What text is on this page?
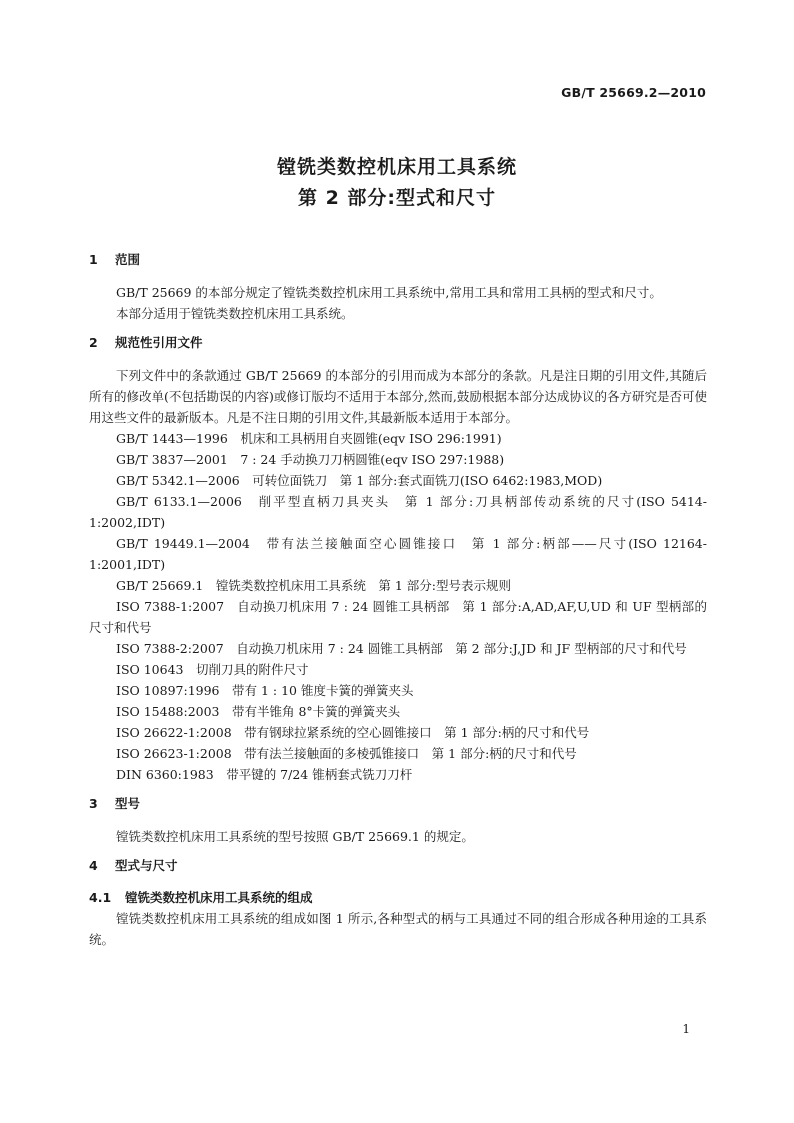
GB/T 25669.2—2010
镗铣类数控机床用工具系统
第 2 部分:型式和尺寸
1 范围
GB/T 25669 的本部分规定了镗铣类数控机床用工具系统中,常用工具和常用工具柄的型式和尺寸。
本部分适用于镗铣类数控机床用工具系统。
2 规范性引用文件
下列文件中的条款通过 GB/T 25669 的本部分的引用而成为本部分的条款。凡是注日期的引用文件,其随后所有的修改单(不包括勘误的内容)或修订版均不适用于本部分,然而,鼓励根据本部分达成协议的各方研究是否可使用这些文件的最新版本。凡是不注日期的引用文件,其最新版本适用于本部分。
GB/T 1443—1996　机床和工具柄用自夹圆锥(eqv ISO 296:1991)
GB/T 3837—2001　7 : 24 手动换刀刀柄圆锥(eqv ISO 297:1988)
GB/T 5342.1—2006　可转位面铣刀　第 1 部分:套式面铣刀(ISO 6462:1983,MOD)
GB/T 6133.1—2006　削平型直柄刀具夹头　第 1 部分:刀具柄部传动系统的尺寸(ISO 5414-1:2002,IDT)
GB/T 19449.1—2004　带有法兰接触面空心圆锥接口　第 1 部分:柄部——尺寸(ISO 12164-1:2001,IDT)
GB/T 25669.1　镗铣类数控机床用工具系统　第 1 部分:型号表示规则
ISO 7388-1:2007　自动换刀机床用 7 : 24 圆锥工具柄部　第 1 部分:A,AD,AF,U,UD 和 UF 型柄部的尺寸和代号
ISO 7388-2:2007　自动换刀机床用 7 : 24 圆锥工具柄部　第 2 部分:J,JD 和 JF 型柄部的尺寸和代号
ISO 10643　切削刀具的附件尺寸
ISO 10897:1996　带有 1 : 10 锥度卡簧的弹簧夹头
ISO 15488:2003　带有半锥角 8°卡簧的弹簧夹头
ISO 26622-1:2008　带有钢球拉紧系统的空心圆锥接口　第 1 部分:柄的尺寸和代号
ISO 26623-1:2008　带有法兰接触面的多棱弧锥接口　第 1 部分:柄的尺寸和代号
DIN 6360:1983　带平键的 7/24 锥柄套式铣刀刀杆
3 型号
镗铣类数控机床用工具系统的型号按照 GB/T 25669.1 的规定。
4 型式与尺寸
4.1 镗铣类数控机床用工具系统的组成
镗铣类数控机床用工具系统的组成如图 1 所示,各种型式的柄与工具通过不同的组合形成各种用途的工具系统。
1
